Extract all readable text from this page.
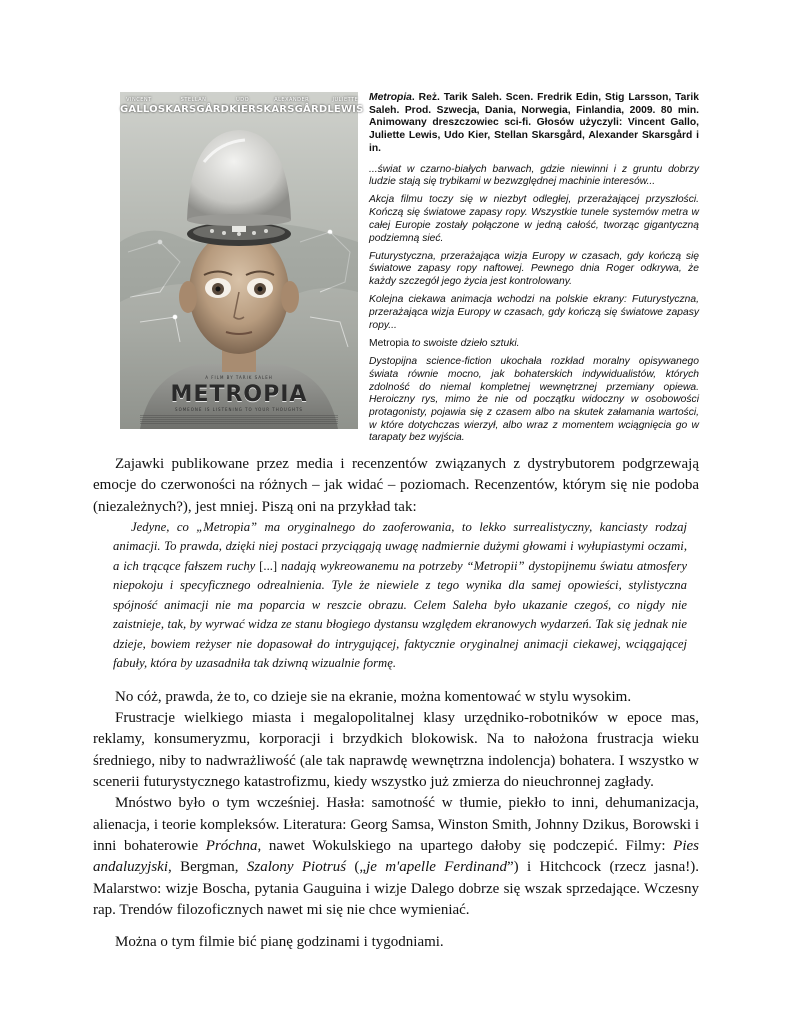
VINCENT
GALLO
STELLAN
SKARSGÅRD
UDO
KIER
ALEXANDER
SKARSGÅRD
JULIETTE
LEWIS
A FILM BY TARIK SALEH
METROPIA
SOMEONE IS LISTENING TO YOUR THOUGHTS

Metropia. Reż. Tarik Saleh. Scen. Fredrik Edin, Stig Larsson, Tarik Saleh. Prod. Szwecja, Dania, Norwegia, Finlandia, 2009. 80 min. Animowany dreszczowiec sci-fi. Głosów użyczyli: Vincent Gallo, Juliette Lewis, Udo Kier, Stellan Skarsgård, Alexander Skarsgård i in.

...świat w czarno-białych barwach, gdzie niewinni i z gruntu dobrzy ludzie stają się trybikami w bezwzględnej machinie interesów...

Akcja filmu toczy się w niezbyt odległej, przerażającej przyszłości. Kończą się światowe zapasy ropy. Wszystkie tunele systemów metra w całej Europie zostały połączone w jedną całość, tworząc gigantyczną podziemną sieć.

Futurystyczna, przerażająca wizja Europy w czasach, gdy kończą się światowe zapasy ropy naftowej. Pewnego dnia Roger odkrywa, że każdy szczegół jego życia jest kontrolowany.

Kolejna ciekawa animacja wchodzi na polskie ekrany: Futurystyczna, przerażająca wizja Europy w czasach, gdy kończą się światowe zapasy ropy...

Metropia to swoiste dzieło sztuki.

Dystopijna science-fiction ukochała rozkład moralny opisywanego świata równie mocno, jak bohaterskich indywidualistów, których zdolność do niemal kompletnej wewnętrznej przemiany opiewa. Heroiczny rys, mimo że nie od początku widoczny w osobowości protagonisty, pojawia się z czasem albo na skutek załamania wartości, w które dotychczas wierzył, albo wraz z momentem wciągnięcia go w tarapaty bez wyjścia.

Zajawki publikowane przez media i recenzentów związanych z dystrybutorem podgrzewają emocje do czerwoności na różnych – jak widać – poziomach. Recenzentów, którym się nie podoba (niezależnych?), jest mniej. Piszą oni na przykład tak:

Jedyne, co „Metropia” ma oryginalnego do zaoferowania, to lekko surrealistyczny, kanciasty rodzaj animacji. To prawda, dzięki niej postaci przyciągają uwagę nadmiernie dużymi głowami i wyłupiastymi oczami, a ich trącące fałszem ruchy [...] nadają wykreowanemu na potrzeby “Metropii” dystopijnemu światu atmosfery niepokoju i specyficznego odrealnienia. Tyle że niewiele z tego wynika dla samej opowieści, stylistyczna spójność animacji nie ma poparcia w reszcie obrazu. Celem Saleha było ukazanie czegoś, co nigdy nie zaistnieje, tak, by wyrwać widza ze stanu błogiego dystansu względem ekranowych wydarzeń. Tak się jednak nie dzieje, bowiem reżyser nie dopasował do intrygującej, faktycznie oryginalnej animacji ciekawej, wciągającej fabuły, która by uzasadniła tak dziwną wizualnie formę.

No cóż, prawda, że to, co dzieje sie na ekranie, można komentować w stylu wysokim.

Frustracje wielkiego miasta i megalopolitalnej klasy urzędniko-robotników w epoce mas, reklamy, konsumeryzmu, korporacji i brzydkich blokowisk. Na to nałożona frustracja wieku średniego, niby to nadwrażliwość (ale tak naprawdę wewnętrzna indolencja) bohatera. I wszystko w scenerii futurystycznego katastrofizmu, kiedy wszystko już zmierza do nieuchronnej zagłady.

Mnóstwo było o tym wcześniej. Hasła: samotność w tłumie, piekło to inni, dehumanizacja, alienacja, i teorie kompleksów. Literatura: Georg Samsa, Winston Smith, Johnny Dzikus, Borowski i inni bohaterowie Próchna, nawet Wokulskiego na upartego dałoby się podczepić. Filmy: Pies andaluzyjski, Bergman, Szalony Piotruś („je m'apelle Ferdinand”) i Hitchcock (rzecz jasna!). Malarstwo: wizje Boscha, pytania Gauguina i wizje Dalego dobrze się wszak sprzedające. Wczesny rap. Trendów filozoficznych nawet mi się nie chce wymieniać.

Można o tym filmie bić pianę godzinami i tygodniami.
